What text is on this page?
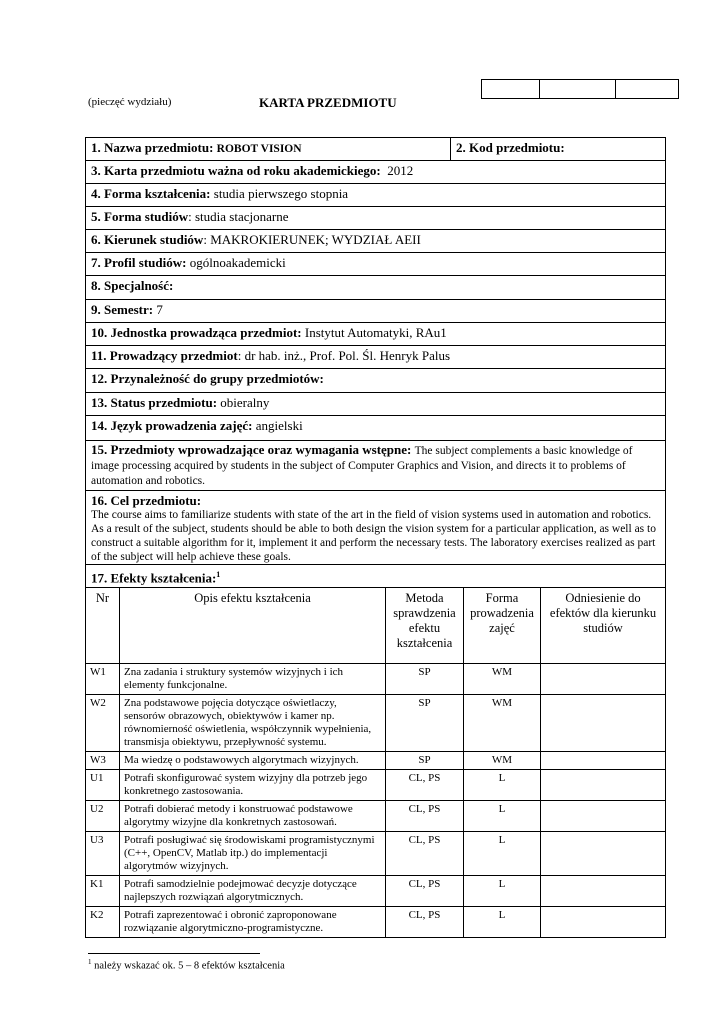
(pieczęć wydziału)	KARTA PRZEDMIOTU
1. Nazwa przedmiotu: ROBOT VISION	2. Kod przedmiotu:
3. Karta przedmiotu ważna od roku akademickiego: 2012
4. Forma kształcenia: studia pierwszego stopnia
5. Forma studiów: studia stacjonarne
6. Kierunek studiów: MAKROKIERUNEK; WYDZIAŁ AEII
7. Profil studiów: ogólnoakademicki
8. Specjalność:
9. Semestr: 7
10. Jednostka prowadząca przedmiot: Instytut Automatyki, RAu1
11. Prowadzący przedmiot: dr hab. inż., Prof. Pol. Śl. Henryk Palus
12. Przynależność do grupy przedmiotów:
13. Status przedmiotu: obieralny
14. Język prowadzenia zajęć: angielski
15. Przedmioty wprowadzające oraz wymagania wstępne: The subject complements a basic knowledge of image processing acquired by students in the subject of Computer Graphics and Vision, and directs it to problems of automation and robotics.
16. Cel przedmiotu:
The course aims to familiarize students with state of the art in the field of vision systems used in automation and robotics. As a result of the subject, students should be able to both design the vision system for a particular application, as well as to construct a suitable algorithm for it, implement it and perform the necessary tests. The laboratory exercises realized as part of the subject will help achieve these goals.
17. Efekty kształcenia:$^1$
Nr	Opis efektu kształcenia	Metoda sprawdzenia efektu kształcenia	Forma prowadzenia zajęć	Odniesienie do efektów dla kierunku studiów
W1	Zna zadania i struktury systemów wizyjnych i ich elementy funkcjonalne.	SP	WM	
W2	Zna podstawowe pojęcia dotyczące oświetlaczy, sensorów obrazowych, obiektywów i kamer np. równomierność oświetlenia, współczynnik wypełnienia, transmisja obiektywu, przepływność systemu.	SP	WM	
W3	Ma wiedzę o podstawowych algorytmach wizyjnych.	SP	WM	
U1	Potrafi skonfigurować system wizyjny dla potrzeb jego konkretnego zastosowania.	CL, PS	L	
U2	Potrafi dobierać metody i konstruować podstawowe algorytmy wizyjne dla konkretnych zastosowań.	CL, PS	L	
U3	Potrafi posługiwać się środowiskami programistycznymi (C++, OpenCV, Matlab itp.) do implementacji algorytmów wizyjnych.	CL, PS	L	
K1	Potrafi samodzielnie podejmować decyzje dotyczące najlepszych rozwiązań algorytmicznych.	CL, PS	L	
K2	Potrafi zaprezentować i obronić zaproponowane rozwiązanie algorytmiczno-programistyczne.	CL, PS	L	
$^1$ należy wskazać ok. 5 – 8 efektów kształcenia
